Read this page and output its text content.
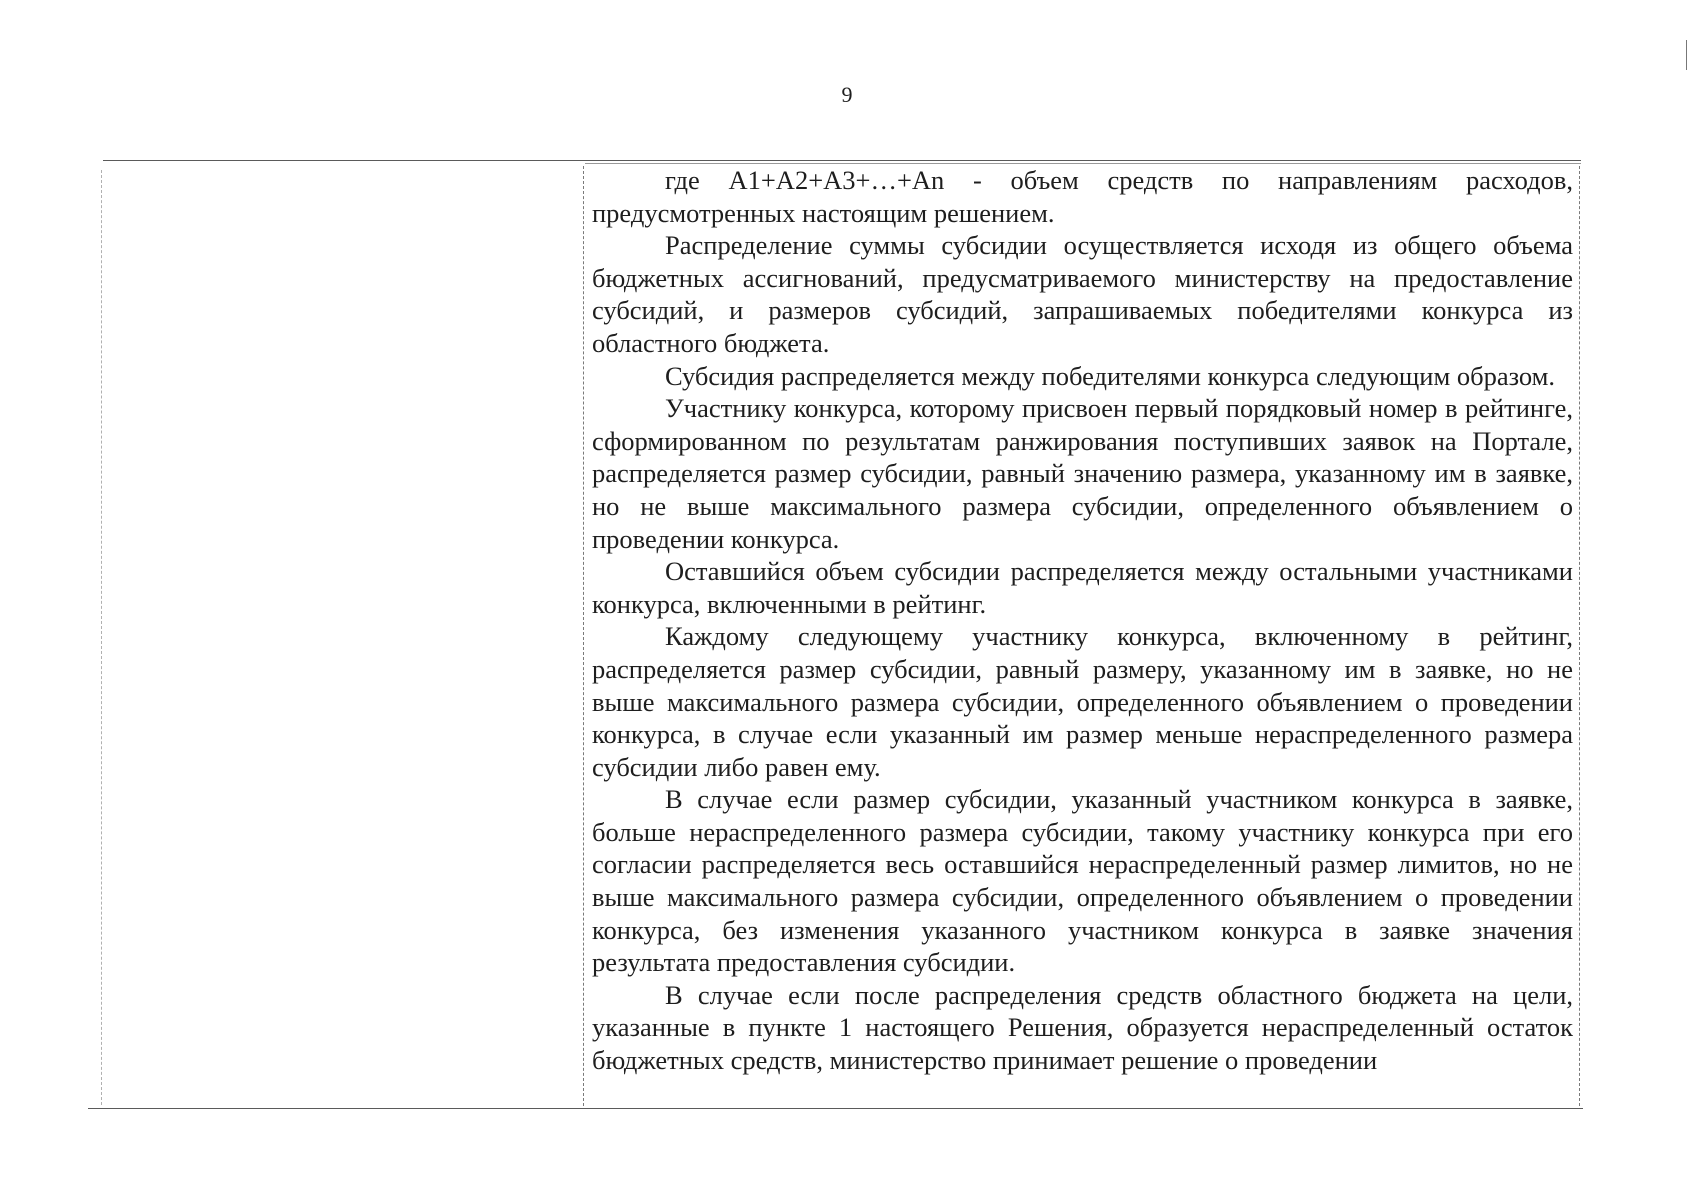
9

где A1+A2+A3+…+An - объем средств по направлениям расходов, предусмотренных настоящим решением.

Распределение суммы субсидии осуществляется исходя из общего объема бюджетных ассигнований, предусматриваемого министерству на предоставление субсидий, и размеров субсидий, запрашиваемых победителями конкурса из областного бюджета.

Субсидия распределяется между победителями конкурса следующим образом.

Участнику конкурса, которому присвоен первый порядковый номер в рейтинге, сформированном по результатам ранжирования поступивших заявок на Портале, распределяется размер субсидии, равный значению размера, указанному им в заявке, но не выше максимального размера субсидии, определенного объявлением о проведении конкурса.

Оставшийся объем субсидии распределяется между остальными участниками конкурса, включенными в рейтинг.

Каждому следующему участнику конкурса, включенному в рейтинг, распределяется размер субсидии, равный размеру, указанному им в заявке, но не выше максимального размера субсидии, определенного объявлением о проведении конкурса, в случае если указанный им размер меньше нераспределенного размера субсидии либо равен ему.

В случае если размер субсидии, указанный участником конкурса в заявке, больше нераспределенного размера субсидии, такому участнику конкурса при его согласии распределяется весь оставшийся нераспределенный размер лимитов, но не выше максимального размера субсидии, определенного объявлением о проведении конкурса, без изменения указанного участником конкурса в заявке значения результата предоставления субсидии.

В случае если после распределения средств областного бюджета на цели, указанные в пункте 1 настоящего Решения, образуется нераспределенный остаток бюджетных средств, министерство принимает решение о проведении
